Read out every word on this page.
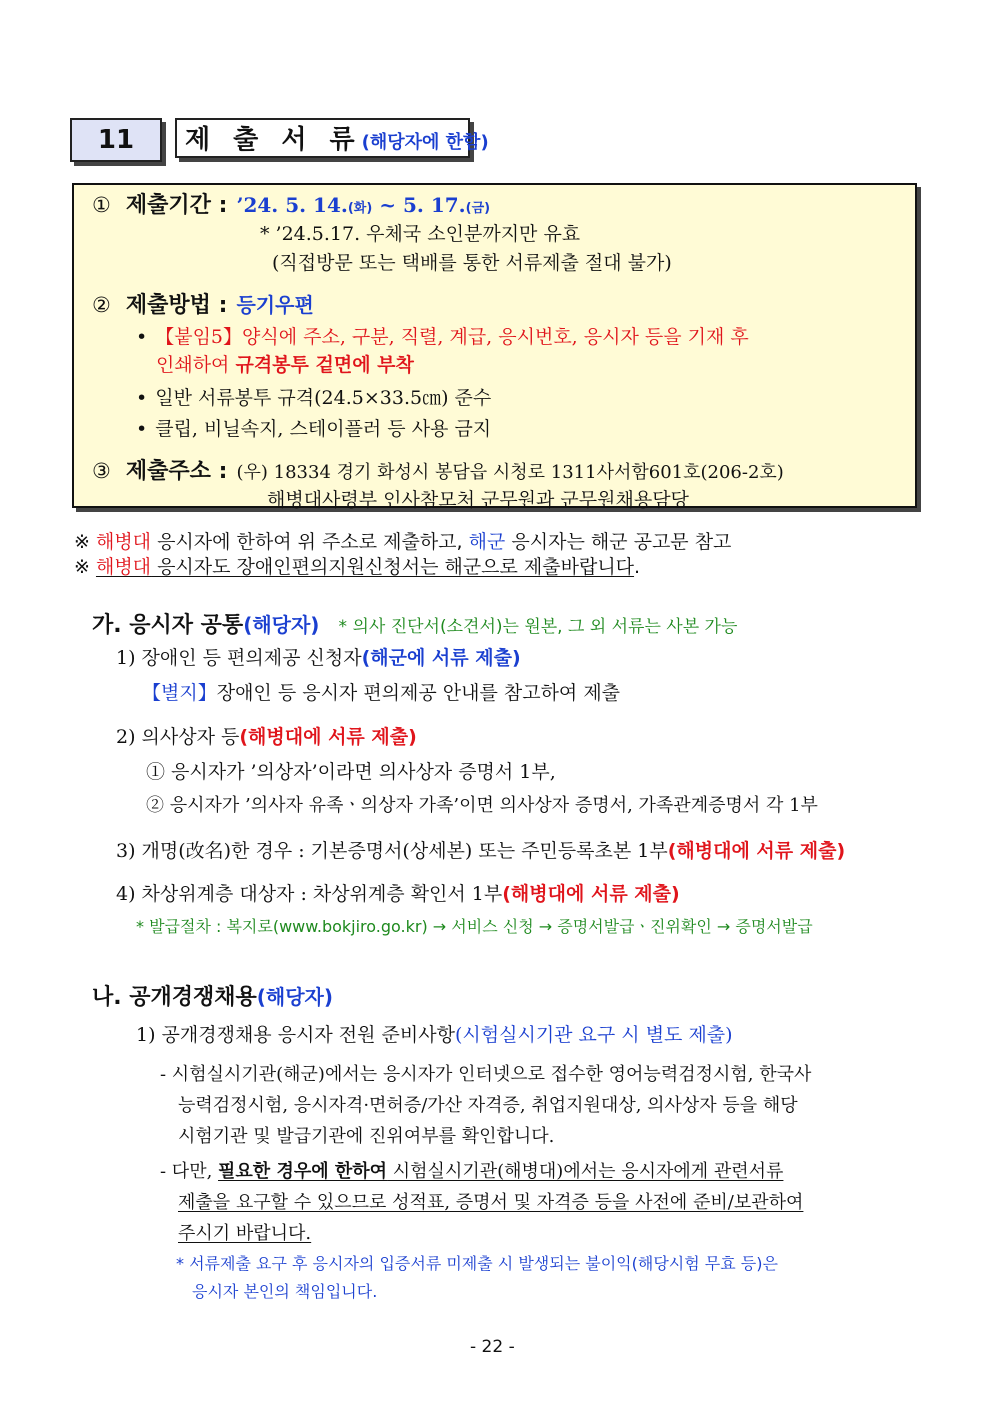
11	제 출 서 류(해당자에 한함)
① 제출기간 : ’24. 5. 14.(화) ~ 5. 17.(금)
* ’24.5.17. 우체국 소인분까지만 유효
(직접방문 또는 택배를 통한 서류제출 절대 불가)
② 제출방법 : 등기우편
• 【붙임5】양식에 주소, 구분, 직렬, 계급, 응시번호, 응시자 등을 기재 후
인쇄하여 규격봉투 겉면에 부착
• 일반 서류봉투 규격(24.5×33.5㎝) 준수
• 클립, 비닐속지, 스테이플러 등 사용 금지
③ 제출주소 : (우) 18334 경기 화성시 봉담읍 시청로 1311사서함601호(206-2호)
해병대사령부 인사참모처 군무원과 군무원채용담당
※ 해병대 응시자에 한하여 위 주소로 제출하고, 해군 응시자는 해군 공고문 참고
※ 해병대 응시자도 장애인편의지원신청서는 해군으로 제출바랍니다.
가. 응시자 공통(해당자) * 의사 진단서(소견서)는 원본, 그 외 서류는 사본 가능
1) 장애인 등 편의제공 신청자(해군에 서류 제출)
【별지】장애인 등 응시자 편의제공 안내를 참고하여 제출
2) 의사상자 등(해병대에 서류 제출)
① 응시자가 ’의상자’이라면 의사상자 증명서 1부,
② 응시자가 ’의사자 유족ㆍ의상자 가족’이면 의사상자 증명서, 가족관계증명서 각 1부
3) 개명(改名)한 경우 : 기본증명서(상세본) 또는 주민등록초본 1부(해병대에 서류 제출)
4) 차상위계층 대상자 : 차상위계층 확인서 1부(해병대에 서류 제출)
* 발급절차 : 복지로(www.bokjiro.go.kr) → 서비스 신청 → 증명서발급ㆍ진위확인 → 증명서발급
나. 공개경쟁채용(해당자)
1) 공개경쟁채용 응시자 전원 준비사항(시험실시기관 요구 시 별도 제출)
- 시험실시기관(해군)에서는 응시자가 인터넷으로 접수한 영어능력검정시험, 한국사
능력검정시험, 응시자격·면허증/가산 자격증, 취업지원대상, 의사상자 등을 해당
시험기관 및 발급기관에 진위여부를 확인합니다.
- 다만, 필요한 경우에 한하여 시험실시기관(해병대)에서는 응시자에게 관련서류
제출을 요구할 수 있으므로 성적표, 증명서 및 자격증 등을 사전에 준비/보관하여
주시기 바랍니다.
* 서류제출 요구 후 응시자의 입증서류 미제출 시 발생되는 불이익(해당시험 무효 등)은
응시자 본인의 책임입니다.
- 22 -
